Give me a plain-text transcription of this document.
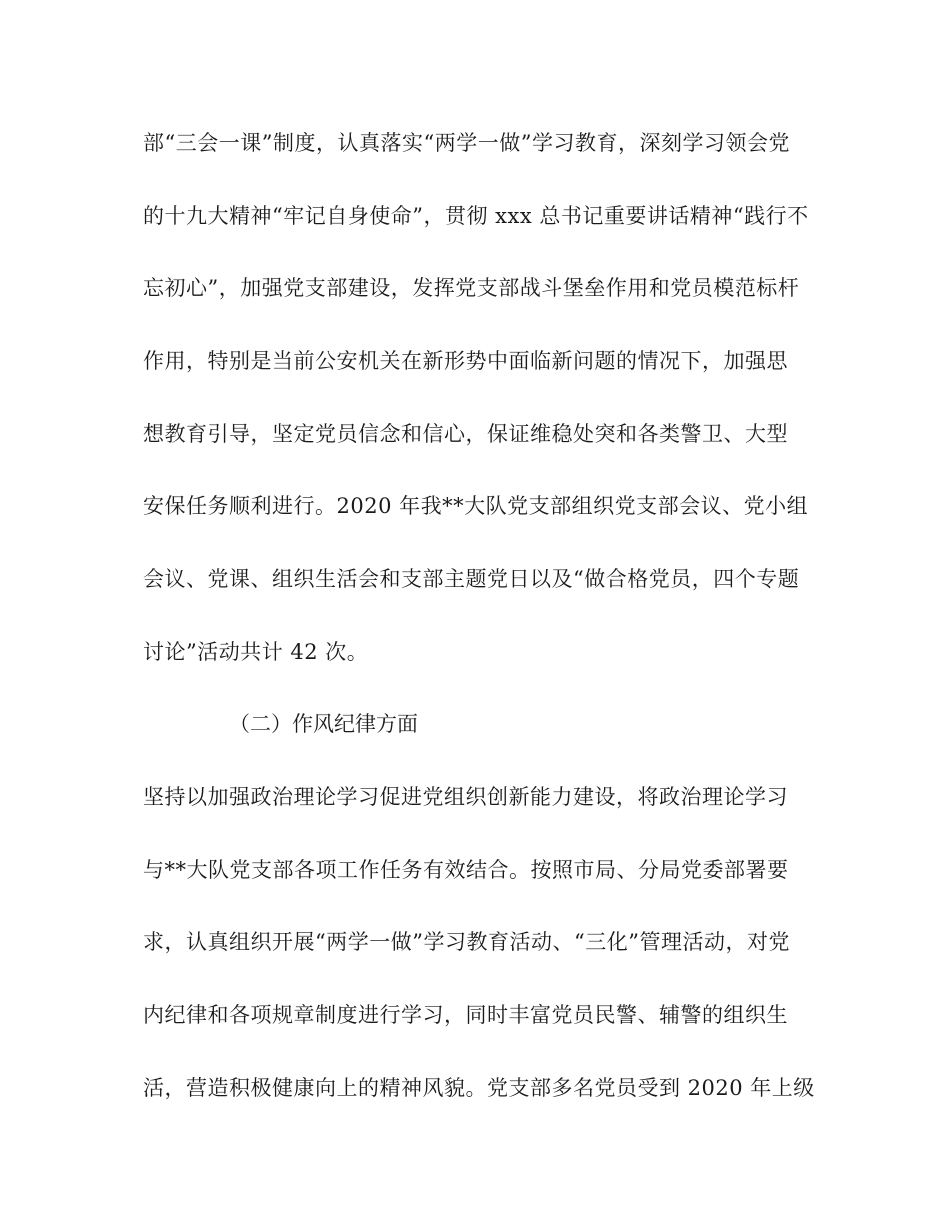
部“三会一课”制度，认真落实“两学一做”学习教育，深刻学习领会党
的十九大精神“牢记自身使命”，贯彻 xxx 总书记重要讲话精神“践行不
忘初心”，加强党支部建设，发挥党支部战斗堡垒作用和党员模范标杆
作用，特别是当前公安机关在新形势中面临新问题的情况下，加强思
想教育引导，坚定党员信念和信心，保证维稳处突和各类警卫、大型
安保任务顺利进行。2020 年我**大队党支部组织党支部会议、党小组
会议、党课、组织生活会和支部主题党日以及“做合格党员，四个专题
讨论”活动共计 42 次。
（二）作风纪律方面
坚持以加强政治理论学习促进党组织创新能力建设，将政治理论学习
与**大队党支部各项工作任务有效结合。按照市局、分局党委部署要
求，认真组织开展“两学一做”学习教育活动、“三化”管理活动，对党
内纪律和各项规章制度进行学习，同时丰富党员民警、辅警的组织生
活，营造积极健康向上的精神风貌。党支部多名党员受到 2020 年上级
